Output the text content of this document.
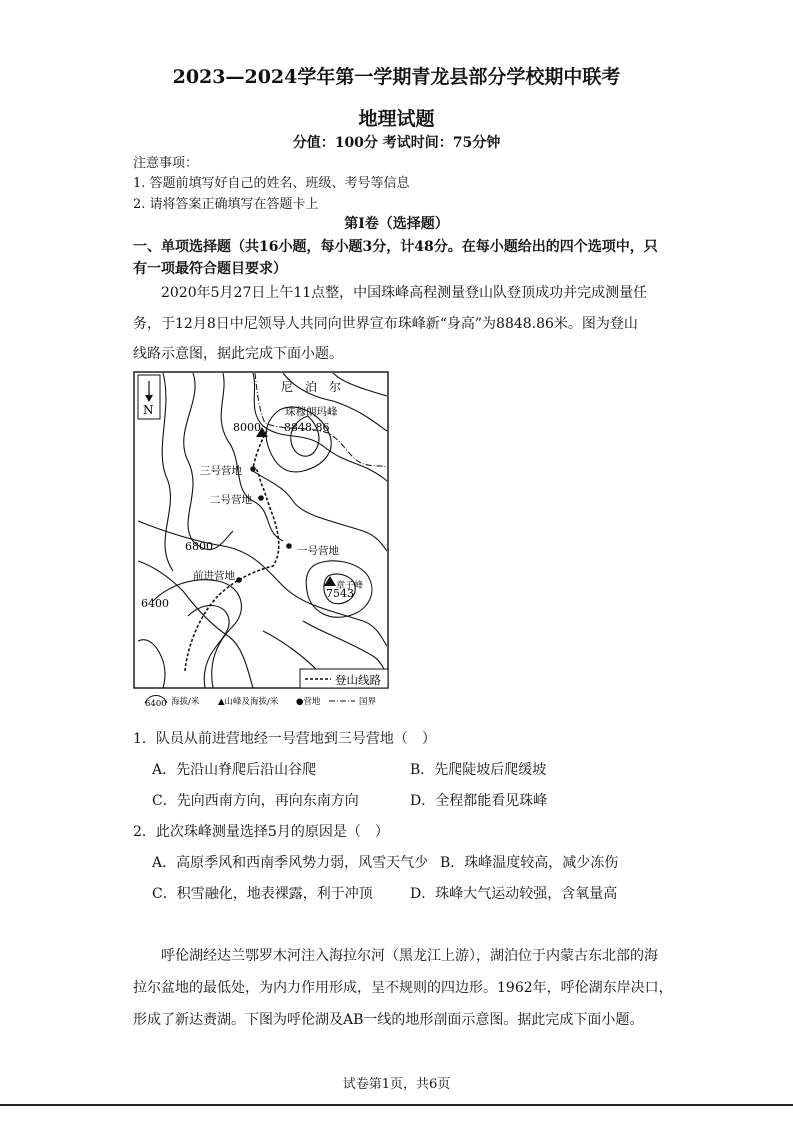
2023—2024学年第一学期青龙县部分学校期中联考
地理试题
分值：100分 考试时间：75分钟
注意事项：
1. 答题前填写好自己的姓名、班级、考号等信息
2. 请将答案正确填写在答题卡上
第Ⅰ卷（选择题）
一、单项选择题（共16小题，每小题3分，计48分。在每小题给出的四个选项中，只
有一项最符合题目要求）
2020年5月27日上午11点整，中国珠峰高程测量登山队登顶成功并完成测量任
务，于12月8日中尼领导人共同向世界宣布珠峰新“身高”为8848.86米。图为登山
线路示意图，据此完成下面小题。
N
尼　泊　尔
珠穆朗玛峰
8848.86
8000
三号营地
二号营地
6800	一号营地
前进营地
章子峰
7543
6400
登山线路
6400 海拔/米 ▲山峰及海拔/米 ●营地	国界
1．队员从前进营地经一号营地到三号营地（　）
A．先沿山脊爬后沿山谷爬	B．先爬陡坡后爬缓坡
C．先向西南方向，再向东南方向	D．全程都能看见珠峰
2．此次珠峰测量选择5月的原因是（　）
A．高原季风和西南季风势力弱，风雪天气少 B．珠峰温度较高，减少冻伤
C．积雪融化，地表裸露，利于冲顶	D．珠峰大气运动较强，含氧量高
呼伦湖经达兰鄂罗木河注入海拉尔河（黑龙江上游），湖泊位于内蒙古东北部的海
拉尔盆地的最低处，为内力作用形成，呈不规则的四边形。1962年，呼伦湖东岸决口，
形成了新达赉湖。下图为呼伦湖及AB一线的地形剖面示意图。据此完成下面小题。
试卷第1页，共6页
